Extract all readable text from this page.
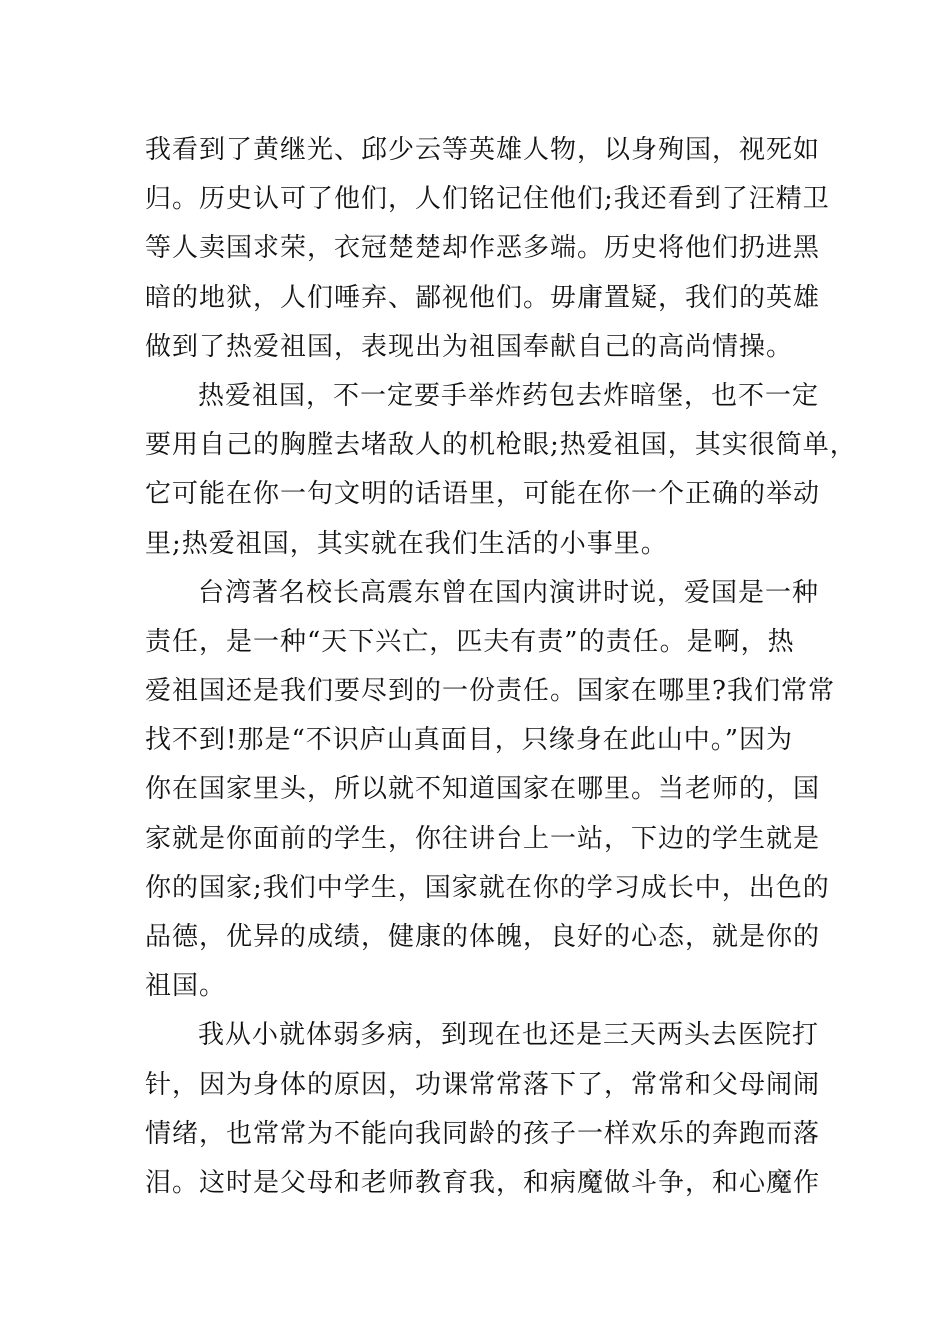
我看到了黄继光、邱少云等英雄人物，以身殉国，视死如
归。历史认可了他们，人们铭记住他们;我还看到了汪精卫
等人卖国求荣，衣冠楚楚却作恶多端。历史将他们扔进黑
暗的地狱，人们唾弃、鄙视他们。毋庸置疑，我们的英雄
做到了热爱祖国，表现出为祖国奉献自己的高尚情操。
热爱祖国，不一定要手举炸药包去炸暗堡，也不一定
要用自己的胸膛去堵敌人的机枪眼;热爱祖国，其实很简单，
它可能在你一句文明的话语里，可能在你一个正确的举动
里;热爱祖国，其实就在我们生活的小事里。
台湾著名校长高震东曾在国内演讲时说，爱国是一种
责任，是一种“天下兴亡，匹夫有责”的责任。是啊，热
爱祖国还是我们要尽到的一份责任。国家在哪里?我们常常
找不到!那是“不识庐山真面目，只缘身在此山中。”因为
你在国家里头，所以就不知道国家在哪里。当老师的，国
家就是你面前的学生，你往讲台上一站，下边的学生就是
你的国家;我们中学生，国家就在你的学习成长中，出色的
品德，优异的成绩，健康的体魄，良好的心态，就是你的
祖国。
我从小就体弱多病，到现在也还是三天两头去医院打
针，因为身体的原因，功课常常落下了，常常和父母闹闹
情绪，也常常为不能向我同龄的孩子一样欢乐的奔跑而落
泪。这时是父母和老师教育我，和病魔做斗争，和心魔作
